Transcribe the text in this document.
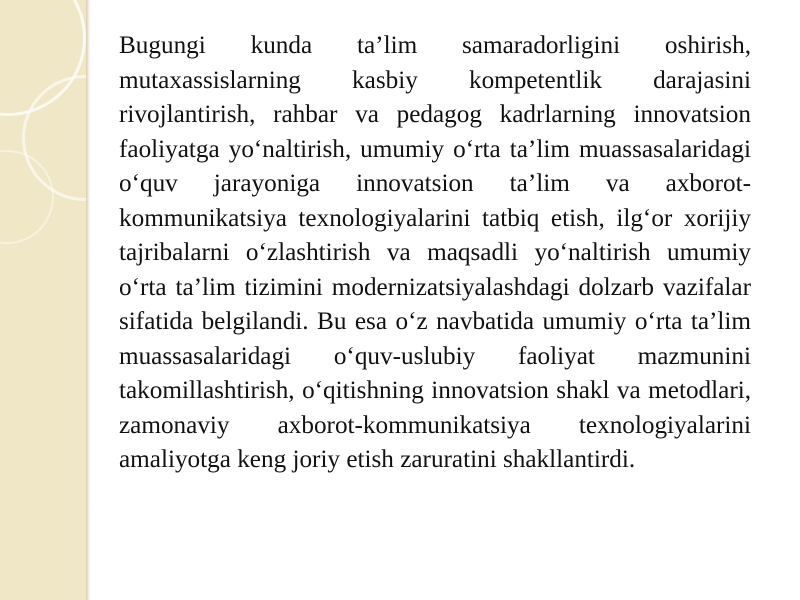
Bugungi kunda ta’lim samaradorligini oshirish, mutaxassislarning kasbiy kompetentlik darajasini rivojlantirish, rahbar va pedagog kadrlarning innovatsion faoliyatga yo‘naltirish, umumiy o‘rta ta’lim muassasalaridagi o‘quv jarayoniga innovatsion ta’lim va axborot-kommunikatsiya texnologiyalarini tatbiq etish, ilg‘or xorijiy tajribalarni o‘zlashtirish va maqsadli yo‘naltirish umumiy o‘rta ta’lim tizimini modernizatsiyalashdagi dolzarb vazifalar sifatida belgilandi. Bu esa o‘z navbatida umumiy o‘rta ta’lim muassasalaridagi o‘quv-uslubiy faoliyat mazmunini takomillashtirish, o‘qitishning innovatsion shakl va metodlari, zamonaviy axborot-kommunikatsiya texnologiyalarini amaliyotga keng joriy etish zaruratini shakllantirdi.
